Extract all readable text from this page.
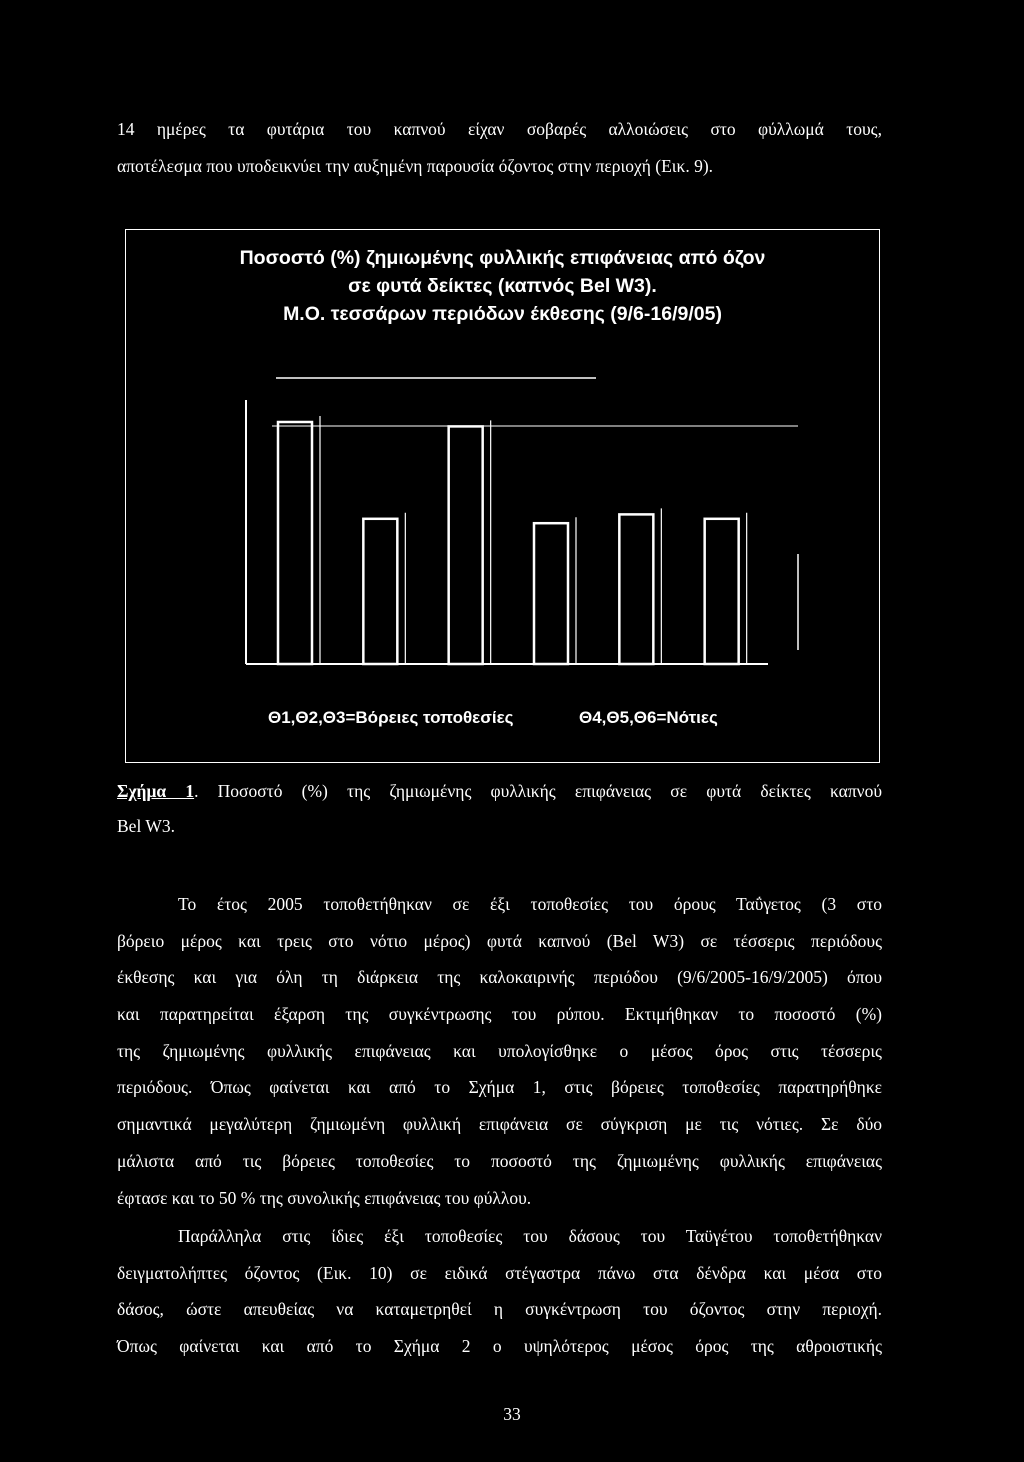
14 ημέρες τα φυτάρια του καπνού είχαν σοβαρές αλλοιώσεις στο φύλλωμά τους,
αποτέλεσμα που υποδεικνύει την αυξημένη παρουσία όζοντος στην περιοχή (Εικ. 9).
Ποσοστό (%) ζημιωμένης φυλλικής επιφάνειας από όζον
σε φυτά δείκτες (καπνός Bel W3).
Μ.Ο. τεσσάρων περιόδων έκθεσης (9/6-16/9/05)
Θ1,Θ2,Θ3=Βόρειες τοποθεσίες	Θ4,Θ5,Θ6=Νότιες
Σχήμα 1. Ποσοστό (%) της ζημιωμένης φυλλικής επιφάνειας σε φυτά δείκτες καπνού
Bel W3.
Το έτος 2005 τοποθετήθηκαν σε έξι τοποθεσίες του όρους Ταΰγετος (3 στο
βόρειο μέρος και τρεις στο νότιο μέρος) φυτά καπνού (Bel W3) σε τέσσερις περιόδους
έκθεσης και για όλη τη διάρκεια της καλοκαιρινής περιόδου (9/6/2005-16/9/2005) όπου
και παρατηρείται έξαρση της συγκέντρωσης του ρύπου. Εκτιμήθηκαν το ποσοστό (%)
της ζημιωμένης φυλλικής επιφάνειας και υπολογίσθηκε ο μέσος όρος στις τέσσερις
περιόδους. Όπως φαίνεται και από το Σχήμα 1, στις βόρειες τοποθεσίες παρατηρήθηκε
σημαντικά μεγαλύτερη ζημιωμένη φυλλική επιφάνεια σε σύγκριση με τις νότιες. Σε δύο
μάλιστα από τις βόρειες τοποθεσίες το ποσοστό της ζημιωμένης φυλλικής επιφάνειας
έφτασε και το 50 % της συνολικής επιφάνειας του φύλλου.
Παράλληλα στις ίδιες έξι τοποθεσίες του δάσους του Ταϋγέτου τοποθετήθηκαν
δειγματολήπτες όζοντος (Εικ. 10) σε ειδικά στέγαστρα πάνω στα δένδρα και μέσα στο
δάσος, ώστε απευθείας να καταμετρηθεί η συγκέντρωση του όζοντος στην περιοχή.
Όπως φαίνεται και από το Σχήμα 2 ο υψηλότερος μέσος όρος της αθροιστικής
33
